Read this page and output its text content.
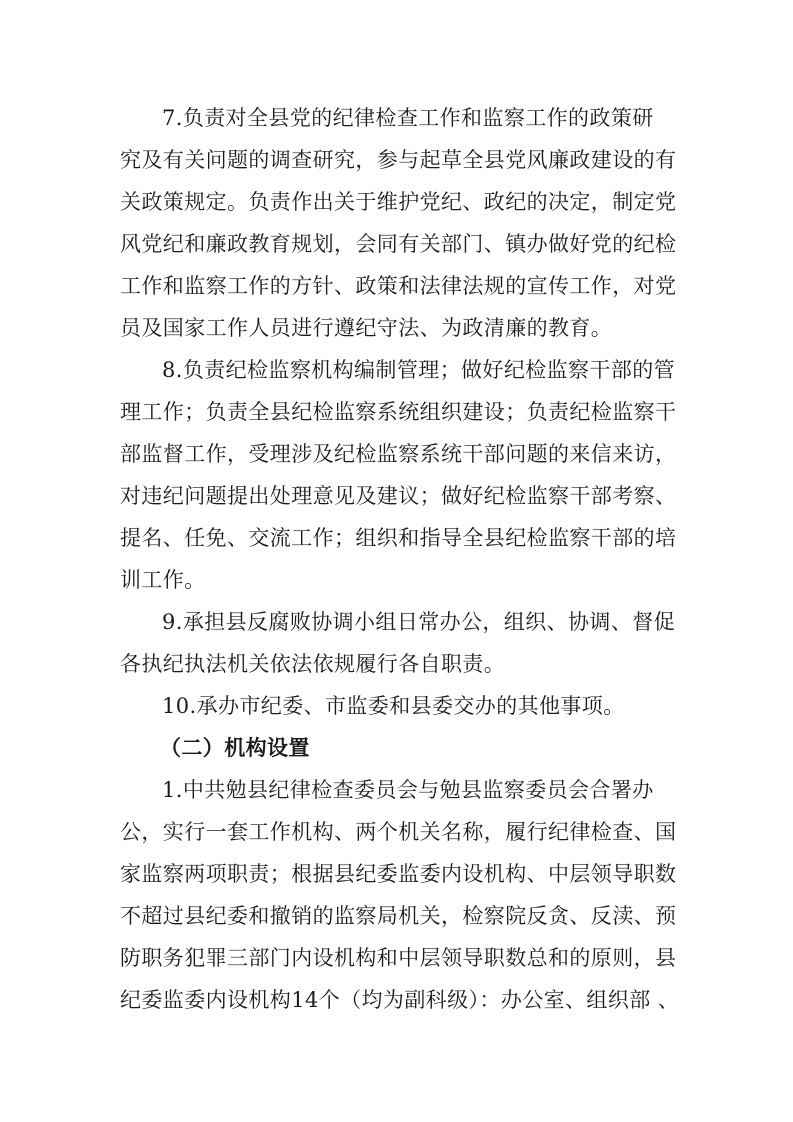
7.负责对全县党的纪律检查工作和监察工作的政策研
究及有关问题的调查研究，参与起草全县党风廉政建设的有
关政策规定。负责作出关于维护党纪、政纪的决定，制定党
风党纪和廉政教育规划，会同有关部门、镇办做好党的纪检
工作和监察工作的方针、政策和法律法规的宣传工作，对党
员及国家工作人员进行遵纪守法、为政清廉的教育。
8.负责纪检监察机构编制管理；做好纪检监察干部的管
理工作；负责全县纪检监察系统组织建设；负责纪检监察干
部监督工作，受理涉及纪检监察系统干部问题的来信来访，
对违纪问题提出处理意见及建议；做好纪检监察干部考察、
提名、任免、交流工作；组织和指导全县纪检监察干部的培
训工作。
9.承担县反腐败协调小组日常办公，组织、协调、督促
各执纪执法机关依法依规履行各自职责。
10.承办市纪委、市监委和县委交办的其他事项。
（二）机构设置
1.中共勉县纪律检查委员会与勉县监察委员会合署办
公，实行一套工作机构、两个机关名称，履行纪律检查、国
家监察两项职责；根据县纪委监委内设机构、中层领导职数
不超过县纪委和撤销的监察局机关，检察院反贪、反渎、预
防职务犯罪三部门内设机构和中层领导职数总和的原则，县
纪委监委内设机构14个（均为副科级）：办公室、组织部 、
